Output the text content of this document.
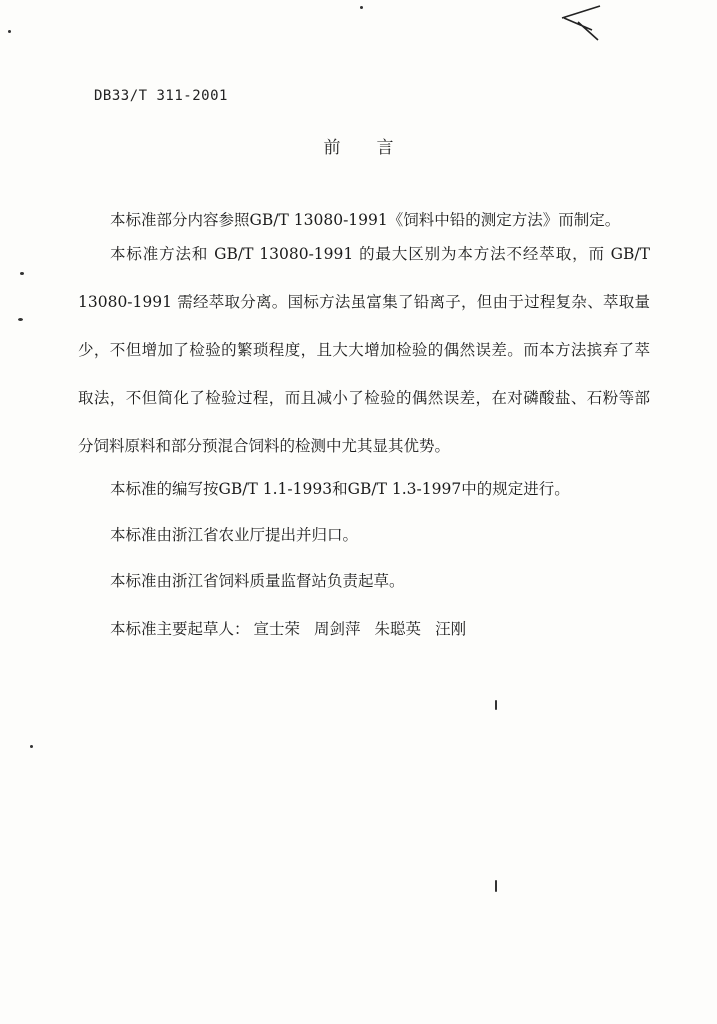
DB33/T 311-2001
前言
本标准部分内容参照GB/T 13080-1991《饲料中铅的测定方法》而制定。
本标准方法和 GB/T 13080-1991 的最大区别为本方法不经萃取，而 GB/T 13080-1991 需经萃取分离。国标方法虽富集了铅离子，但由于过程复杂、萃取量少，不但增加了检验的繁琐程度，且大大增加检验的偶然误差。而本方法摈弃了萃取法，不但简化了检验过程，而且减小了检验的偶然误差，在对磷酸盐、石粉等部分饲料原料和部分预混合饲料的检测中尤其显其优势。
本标准的编写按GB/T 1.1-1993和GB/T 1.3-1997中的规定进行。
本标准由浙江省农业厅提出并归口。
本标准由浙江省饲料质量监督站负责起草。
本标准主要起草人： 宣士荣 周剑萍 朱聪英 汪刚
